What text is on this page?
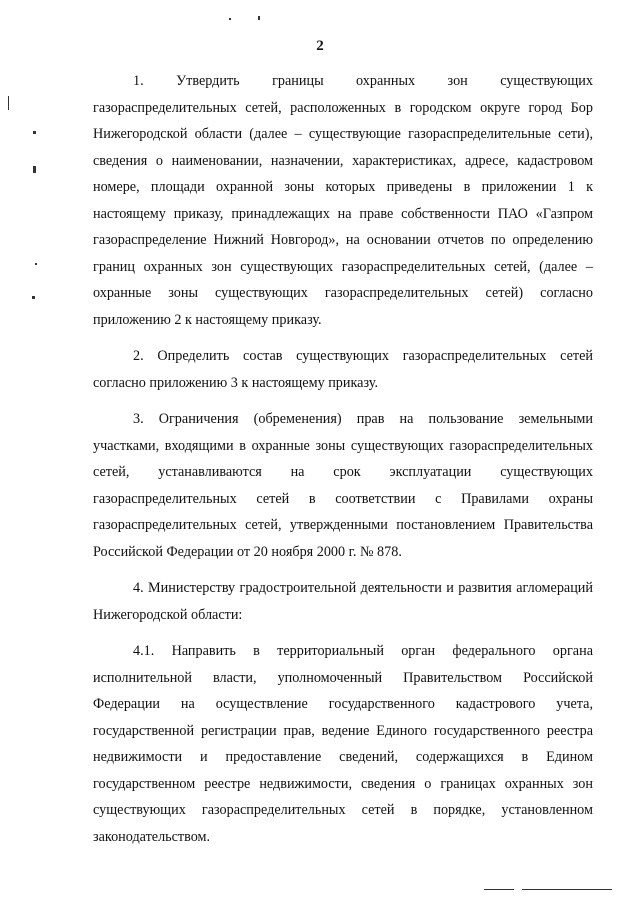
2

1. Утвердить границы охранных зон существующих газораспределительных сетей, расположенных в городском округе город Бор Нижегородской области (далее – существующие газораспределительные сети), сведения о наименовании, назначении, характеристиках, адресе, кадастровом номере, площади охранной зоны которых приведены в приложении 1 к настоящему приказу, принадлежащих на праве собственности ПАО «Газпром газораспределение Нижний Новгород», на основании отчетов по определению границ охранных зон существующих газораспределительных сетей, (далее – охранные зоны существующих газораспределительных сетей) согласно приложению 2 к настоящему приказу.

2. Определить состав существующих газораспределительных сетей согласно приложению 3 к настоящему приказу.

3. Ограничения (обременения) прав на пользование земельными участками, входящими в охранные зоны существующих газораспределительных сетей, устанавливаются на срок эксплуатации существующих газораспределительных сетей в соответствии с Правилами охраны газораспределительных сетей, утвержденными постановлением Правительства Российской Федерации от 20 ноября 2000 г. № 878.

4. Министерству градостроительной деятельности и развития агломераций Нижегородской области:

4.1. Направить в территориальный орган федерального органа исполнительной власти, уполномоченный Правительством Российской Федерации на осуществление государственного кадастрового учета, государственной регистрации прав, ведение Единого государственного реестра недвижимости и предоставление сведений, содержащихся в Едином государственном реестре недвижимости, сведения о границах охранных зон существующих газораспределительных сетей в порядке, установленном законодательством.
